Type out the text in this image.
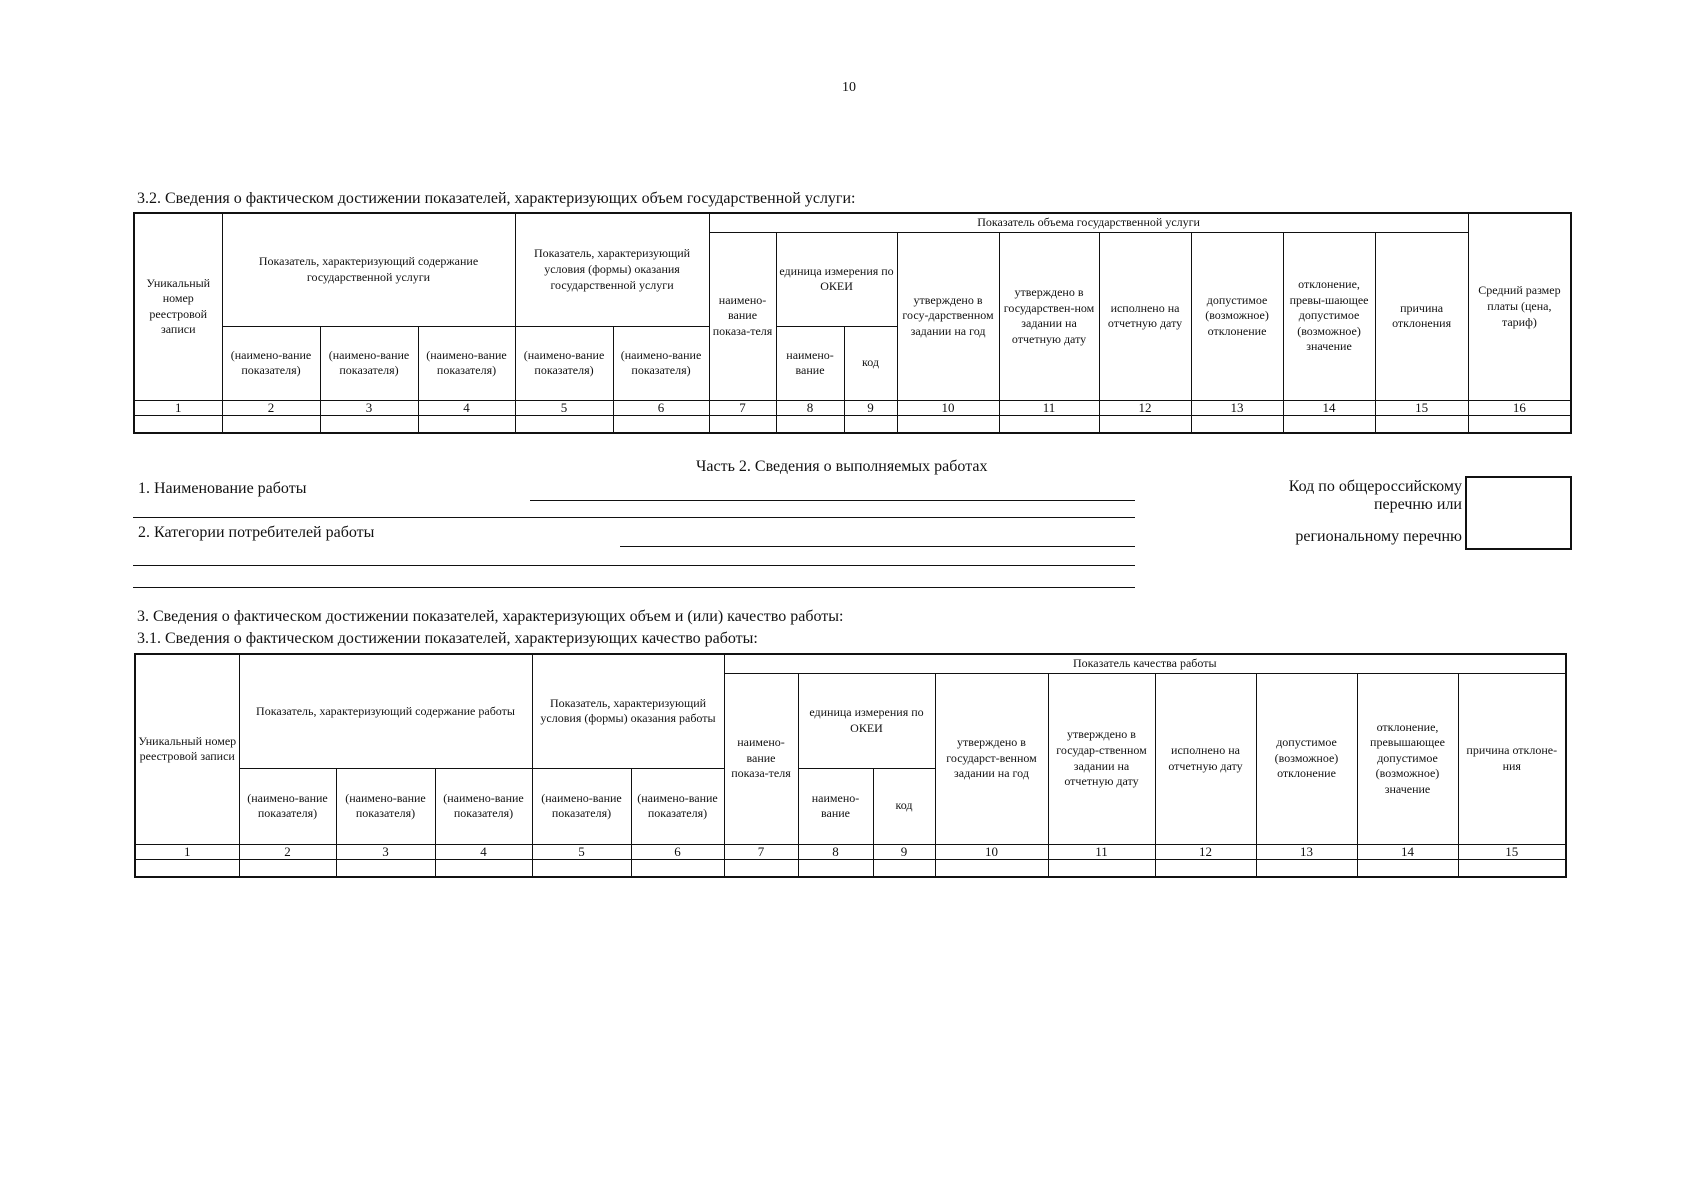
10
3.2. Сведения о фактическом достижении показателей, характеризующих объем государственной услуги:
Уникальный номер реестровой записи	Показатель, характеризующий содержание государственной услуги			Показатель, характеризующий условия (формы) оказания государственной услуги		Показатель объема государственной услуги									Средний размер платы (цена, тариф)
						наимено-вание показа-теля	единица измерения по ОКЕИ		утверждено в госу-дарственном задании на год	утверждено в государствен-ном задании на отчетную дату	исполнено на отчетную дату	допустимое (возможное) отклонение	отклонение, превы-шающее допустимое (возможное) значение	причина отклонения	
	(наимено-вание показателя)	(наимено-вание показателя)	(наимено-вание показателя)	(наимено-вание показателя)	(наимено-вание показателя)		наимено-вание	код							
1	2	3	4	5	6	7	8	9	10	11	12	13	14	15	16

Часть 2. Сведения о выполняемых работах
1. Наименование работы
2. Категории потребителей работы
Код по общероссийскому
перечню или
региональному перечню
3. Сведения о фактическом достижении показателей, характеризующих объем и (или) качество работы:
3.1. Сведения о фактическом достижении показателей, характеризующих качество работы:
Уникальный номер реестровой записи	Показатель, характеризующий содержание работы			Показатель, характеризующий условия (формы) оказания работы		Показатель качества работы								
						наимено-вание показа-теля	единица измерения по ОКЕИ		утверждено в государст-венном задании на год	утверждено в государ-ственном задании на отчетную дату	исполнено на отчетную дату	допустимое (возможное) отклонение	отклонение, превышающее допустимое (возможное) значение	причина отклоне-ния
	(наимено-вание показателя)	(наимено-вание показателя)	(наимено-вание показателя)	(наимено-вание показателя)	(наимено-вание показателя)		наимено-вание	код						
1	2	3	4	5	6	7	8	9	10	11	12	13	14	15
